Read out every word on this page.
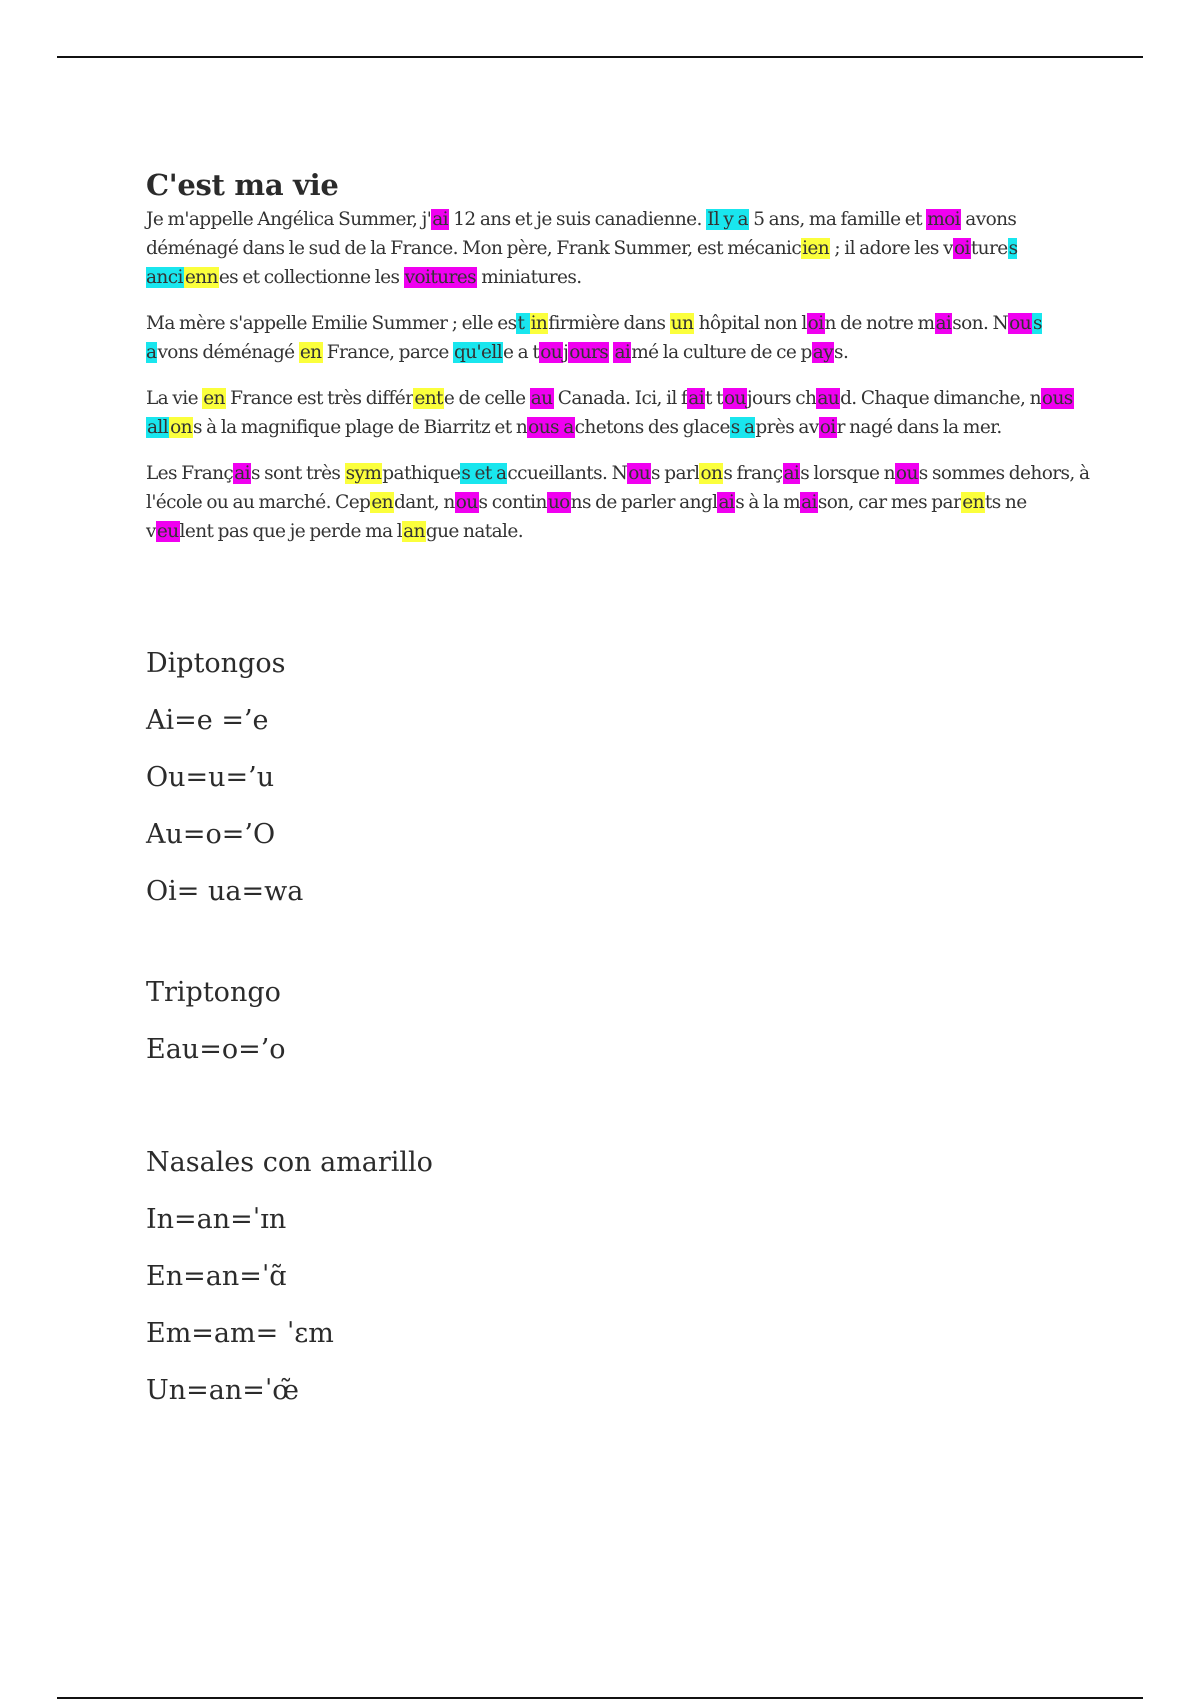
C'est ma vie

Je m'appelle Angélica Summer, j'ai 12 ans et je suis canadienne. Il y a 5 ans, ma famille et moi avons déménagé dans le sud de la France. Mon père, Frank Summer, est mécanicien ; il adore les voitures anci ennes et collectionne les voitures miniatures.

Ma mère s'appelle Emilie Summer ; elle est infirmière dans un hôpital non loin de notre maison. Nou s avons déménagé en France, parce qu'elle a toujours aimé la culture de ce pays.

La vie en France est très différente de celle au Canada. Ici, il fait toujours chaud. Chaque dimanche, nous all ons à la magnifique plage de Biarritz et nous achetons des glaces après avoir nagé dans la mer.

Les Français sont très sympathiques et accueillants. Nous parlons français lorsque nous sommes dehors, à l'école ou au marché. Cependant, nous continuons de parler anglais à la maison, car mes parents ne veulent pas que je perde ma langue natale.

Diptongos

Ai=e =’e

Ou=u=’u

Au=o=’O

Oi= ua=wa

Triptongo

Eau=o=’o

Nasales con amarillo

In=an=ˈɪn

En=an=ˈɑ̃

Em=am= ˈɛm

Un=an=ˈœ̃
